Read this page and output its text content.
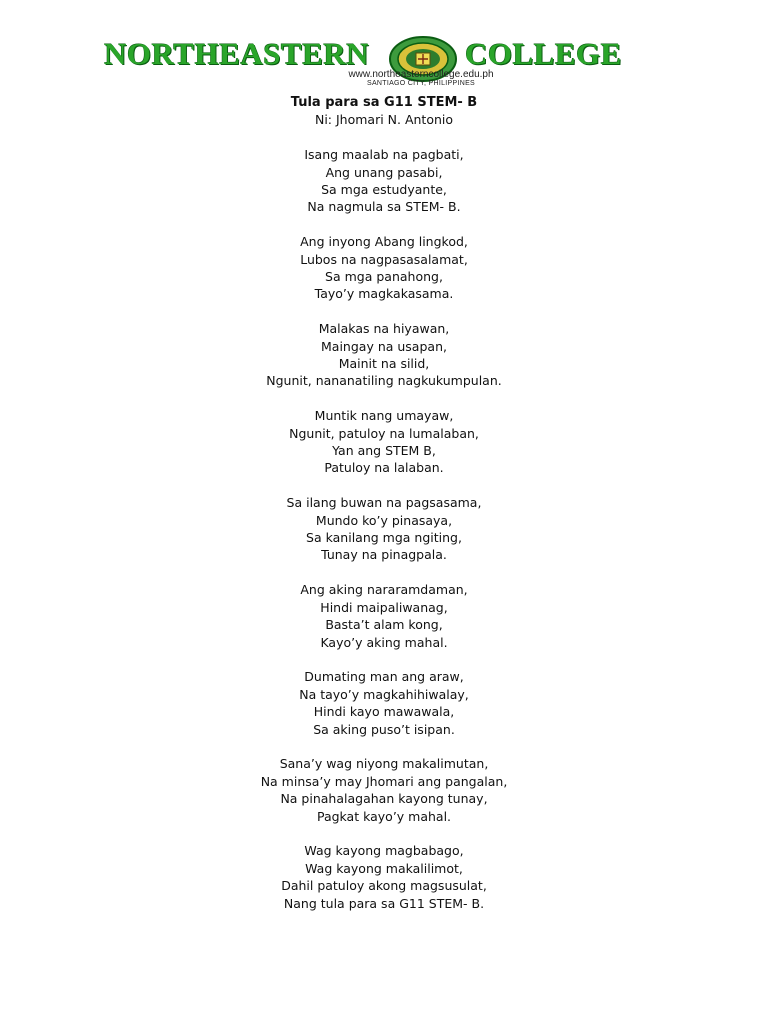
NORTHEASTERN	COLLEGE
www.northeasterncollege.edu.ph
SANTIAGO CITY, PHILIPPINES
Tula para sa G11 STEM- B
Ni: Jhomari N. Antonio
Isang maalab na pagbati,
Ang unang pasabi,
Sa mga estudyante,
Na nagmula sa STEM- B.
Ang inyong Abang lingkod,
Lubos na nagpasasalamat,
Sa mga panahong,
Tayo’y magkakasama.
Malakas na hiyawan,
Maingay na usapan,
Mainit na silid,
Ngunit, nananatiling nagkukumpulan.
Muntik nang umayaw,
Ngunit, patuloy na lumalaban,
Yan ang STEM B,
Patuloy na lalaban.
Sa ilang buwan na pagsasama,
Mundo ko’y pinasaya,
Sa kanilang mga ngiting,
Tunay na pinagpala.
Ang aking nararamdaman,
Hindi maipaliwanag,
Basta’t alam kong,
Kayo’y aking mahal.
Dumating man ang araw,
Na tayo’y magkahihiwalay,
Hindi kayo mawawala,
Sa aking puso’t isipan.
Sana’y wag niyong makalimutan,
Na minsa’y may Jhomari ang pangalan,
Na pinahalagahan kayong tunay,
Pagkat kayo’y mahal.
Wag kayong magbabago,
Wag kayong makalilimot,
Dahil patuloy akong magsusulat,
Nang tula para sa G11 STEM- B.
